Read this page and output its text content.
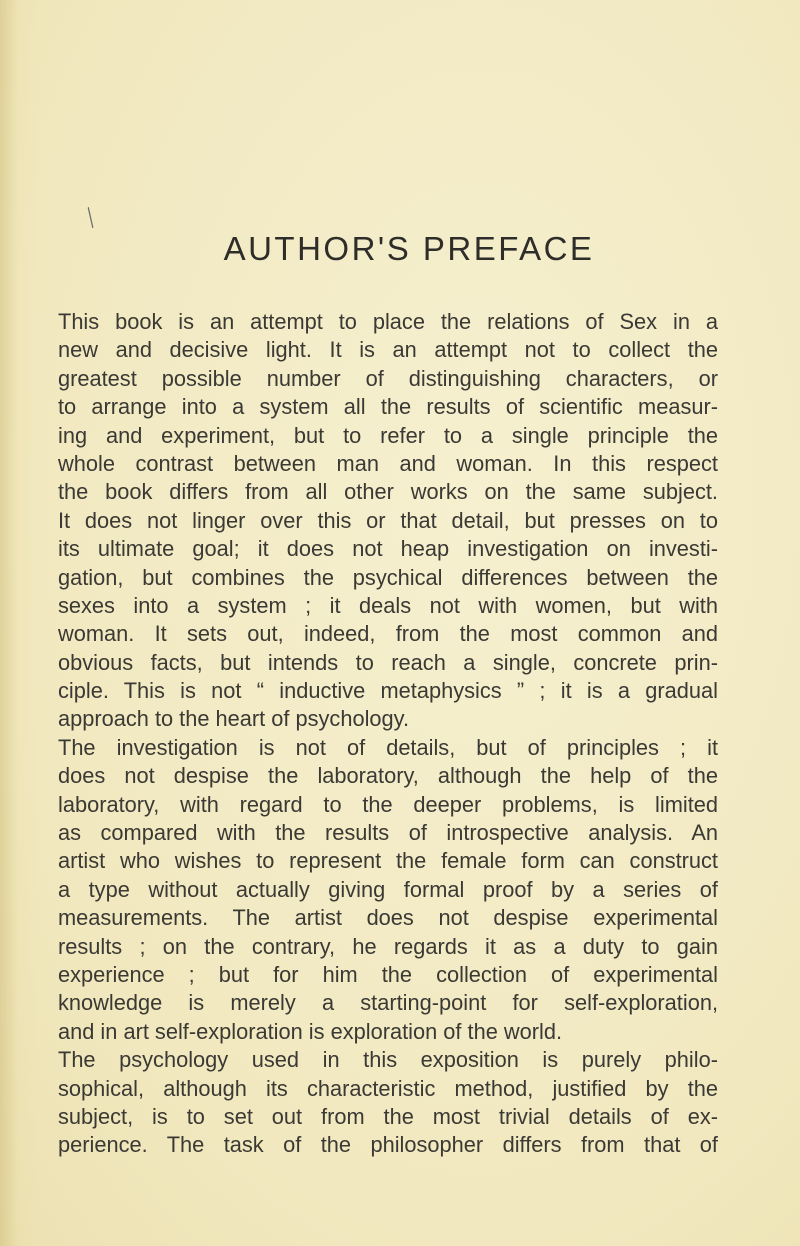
╱
AUTHOR'S PREFACE
This book is an attempt to place the relations of Sex in a
new and decisive light. It is an attempt not to collect the
greatest possible number of distinguishing characters, or
to arrange into a system all the results of scientific measur-
ing and experiment, but to refer to a single principle the
whole contrast between man and woman. In this respect
the book differs from all other works on the same subject.
It does not linger over this or that detail, but presses on to
its ultimate goal; it does not heap investigation on investi-
gation, but combines the psychical differences between the
sexes into a system ; it deals not with women, but with
woman. It sets out, indeed, from the most common and
obvious facts, but intends to reach a single, concrete prin-
ciple. This is not “ inductive metaphysics ” ; it is a gradual
approach to the heart of psychology.
The investigation is not of details, but of principles ; it
does not despise the laboratory, although the help of the
laboratory, with regard to the deeper problems, is limited
as compared with the results of introspective analysis. An
artist who wishes to represent the female form can construct
a type without actually giving formal proof by a series of
measurements. The artist does not despise experimental
results ; on the contrary, he regards it as a duty to gain
experience ; but for him the collection of experimental
knowledge is merely a starting-point for self-exploration,
and in art self-exploration is exploration of the world.
The psychology used in this exposition is purely philo-
sophical, although its characteristic method, justified by the
subject, is to set out from the most trivial details of ex-
perience. The task of the philosopher differs from that of
